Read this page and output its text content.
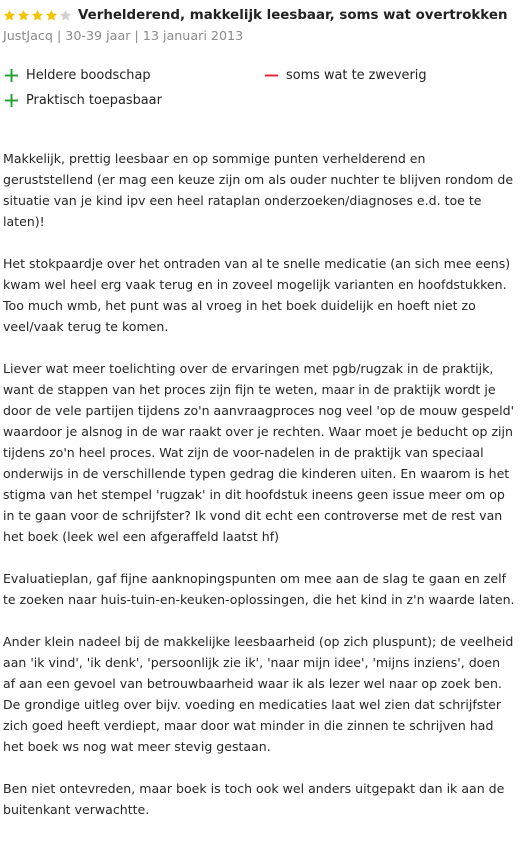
Verhelderend, makkelijk leesbaar, soms wat overtrokken
JustJacq | 30-39 jaar | 13 januari 2013
Heldere boodschap
Praktisch toepasbaar
soms wat te zweverig

Makkelijk, prettig leesbaar en op sommige punten verhelderend en geruststellend (er mag een keuze zijn om als ouder nuchter te blijven rondom de situatie van je kind ipv een heel rataplan onderzoeken/diagnoses e.d. toe te laten)!

Het stokpaardje over het ontraden van al te snelle medicatie (an sich mee eens) kwam wel heel erg vaak terug en in zoveel mogelijk varianten en hoofdstukken. Too much wmb, het punt was al vroeg in het boek duidelijk en hoeft niet zo veel/vaak terug te komen.

Liever wat meer toelichting over de ervaringen met pgb/rugzak in de praktijk, want de stappen van het proces zijn fijn te weten, maar in de praktijk wordt je door de vele partijen tijdens zo'n aanvraagproces nog veel 'op de mouw gespeld' waardoor je alsnog in de war raakt over je rechten. Waar moet je beducht op zijn tijdens zo'n heel proces. Wat zijn de voor-nadelen in de praktijk van speciaal onderwijs in de verschillende typen gedrag die kinderen uiten. En waarom is het stigma van het stempel 'rugzak' in dit hoofdstuk ineens geen issue meer om op in te gaan voor de schrijfster? Ik vond dit echt een controverse met de rest van het boek (leek wel een afgeraffeld laatst hf)

Evaluatieplan, gaf fijne aanknopingspunten om mee aan de slag te gaan en zelf te zoeken naar huis-tuin-en-keuken-oplossingen, die het kind in z'n waarde laten.

Ander klein nadeel bij de makkelijke leesbaarheid (op zich pluspunt); de veelheid aan 'ik vind', 'ik denk', 'persoonlijk zie ik', 'naar mijn idee', 'mijns inziens', doen af aan een gevoel van betrouwbaarheid waar ik als lezer wel naar op zoek ben. De grondige uitleg over bijv. voeding en medicaties laat wel zien dat schrijfster zich goed heeft verdiept, maar door wat minder in die zinnen te schrijven had het boek ws nog wat meer stevig gestaan.

Ben niet ontevreden, maar boek is toch ook wel anders uitgepakt dan ik aan de buitenkant verwachtte.
